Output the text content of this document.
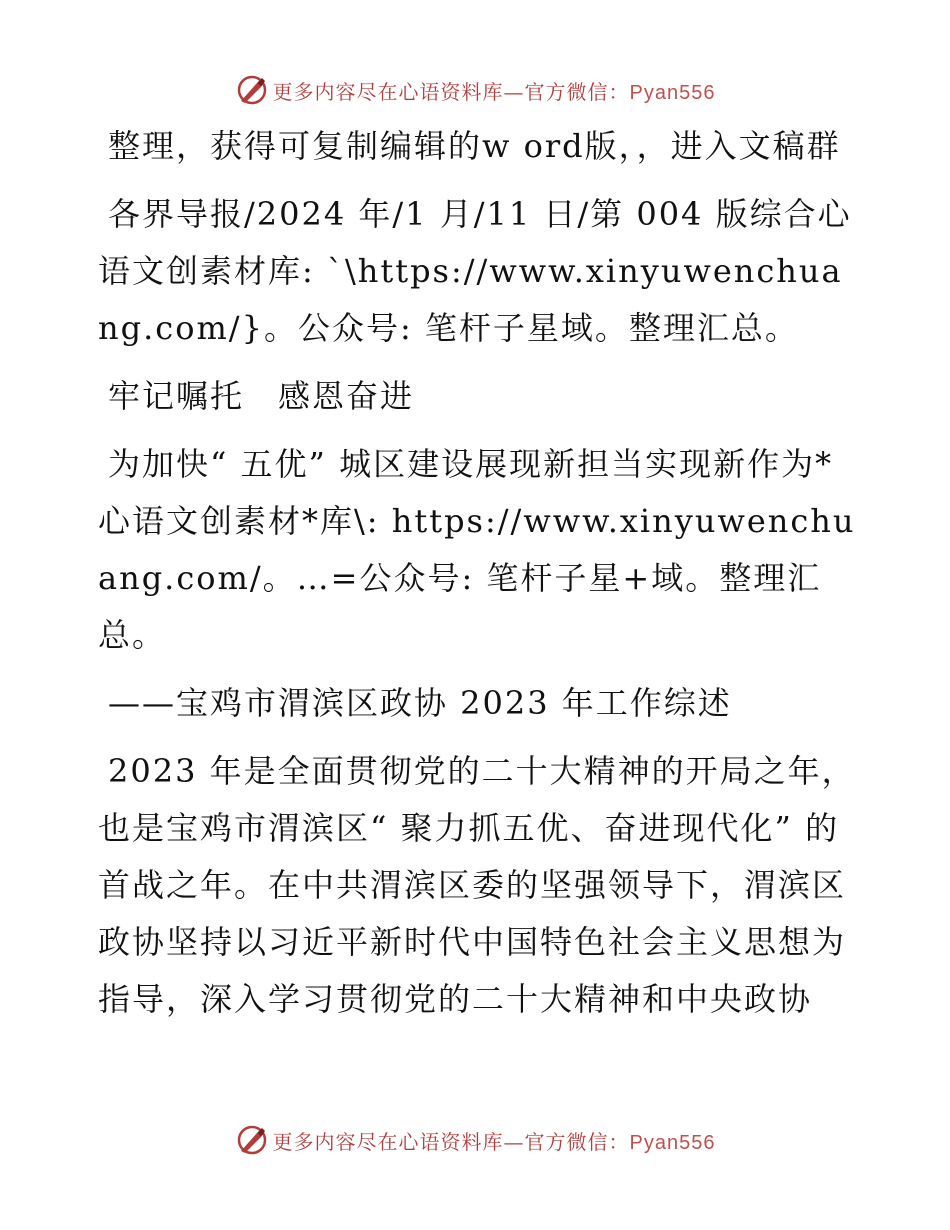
更多内容尽在心语资料库—官方微信：Pyan556

整理，获得可复制编辑的w ord版，，进入文稿群

各界导报/2024 年/1 月/11 日/第 004 版综合心语文创素材库: `\https://www.xinyuwenchuang.com/}。公众号: 笔杆子星域。整理汇总。

牢记嘱托　感恩奋进

为加快“ 五优” 城区建设展现新担当实现新作为*心语文创素材*库\: https://www.xinyuwenchuang.com/。…=公众号: 笔杆子星+域。整理汇总。

——宝鸡市渭滨区政协 2023 年工作综述

2023 年是全面贯彻党的二十大精神的开局之年，也是宝鸡市渭滨区“ 聚力抓五优、奋进现代化” 的首战之年。在中共渭滨区委的坚强领导下，渭滨区政协坚持以习近平新时代中国特色社会主义思想为指导，深入学习贯彻党的二十大精神和中央政协

更多内容尽在心语资料库—官方微信：Pyan556
